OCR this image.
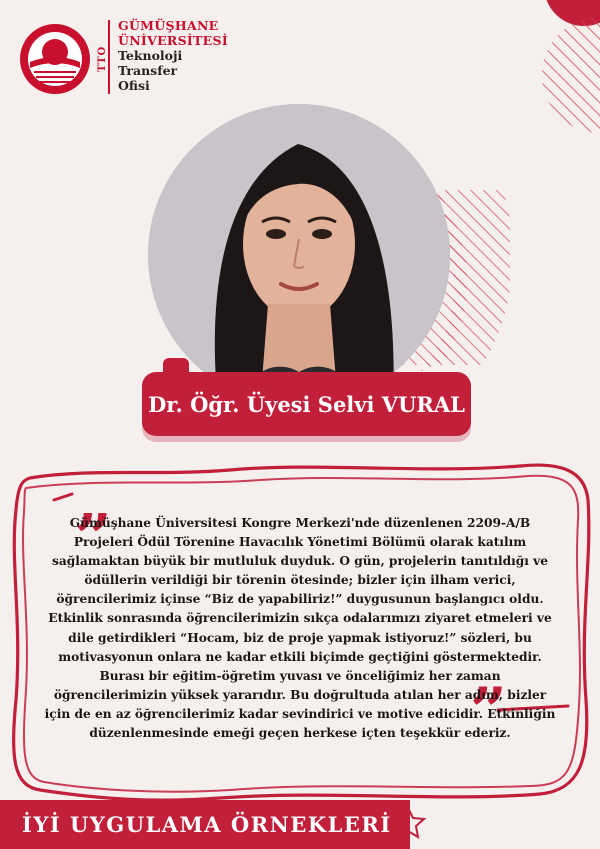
TTO
GÜMÜŞHANE
ÜNİVERSİTESİ
Teknoloji
Transfer
Ofisi
Dr. Öğr. Üyesi Selvi VURAL
„
”
Gümüşhane Üniversitesi Kongre Merkezi'nde düzenlenen 2209-A/B Projeleri Ödül Törenine Havacılık Yönetimi Bölümü olarak katılım sağlamaktan büyük bir mutluluk duyduk. O gün, projelerin tanıtıldığı ve ödüllerin verildiği bir törenin ötesinde; bizler için ilham verici, öğrencilerimiz içinse “Biz de yapabiliriz!” duygusunun başlangıcı oldu. Etkinlik sonrasında öğrencilerimizin sıkça odalarımızı ziyaret etmeleri ve dile getirdikleri “Hocam, biz de proje yapmak istiyoruz!” sözleri, bu motivasyonun onlara ne kadar etkili biçimde geçtiğini göstermektedir. Burası bir eğitim-öğretim yuvası ve önceliğimiz her zaman öğrencilerimizin yüksek yararıdır. Bu doğrultuda atılan her adım, bizler için de en az öğrencilerimiz kadar sevindirici ve motive edicidir. Etkinliğin düzenlenmesinde emeği geçen herkese içten teşekkür ederiz.
İYİ UYGULAMA ÖRNEKLERİ
